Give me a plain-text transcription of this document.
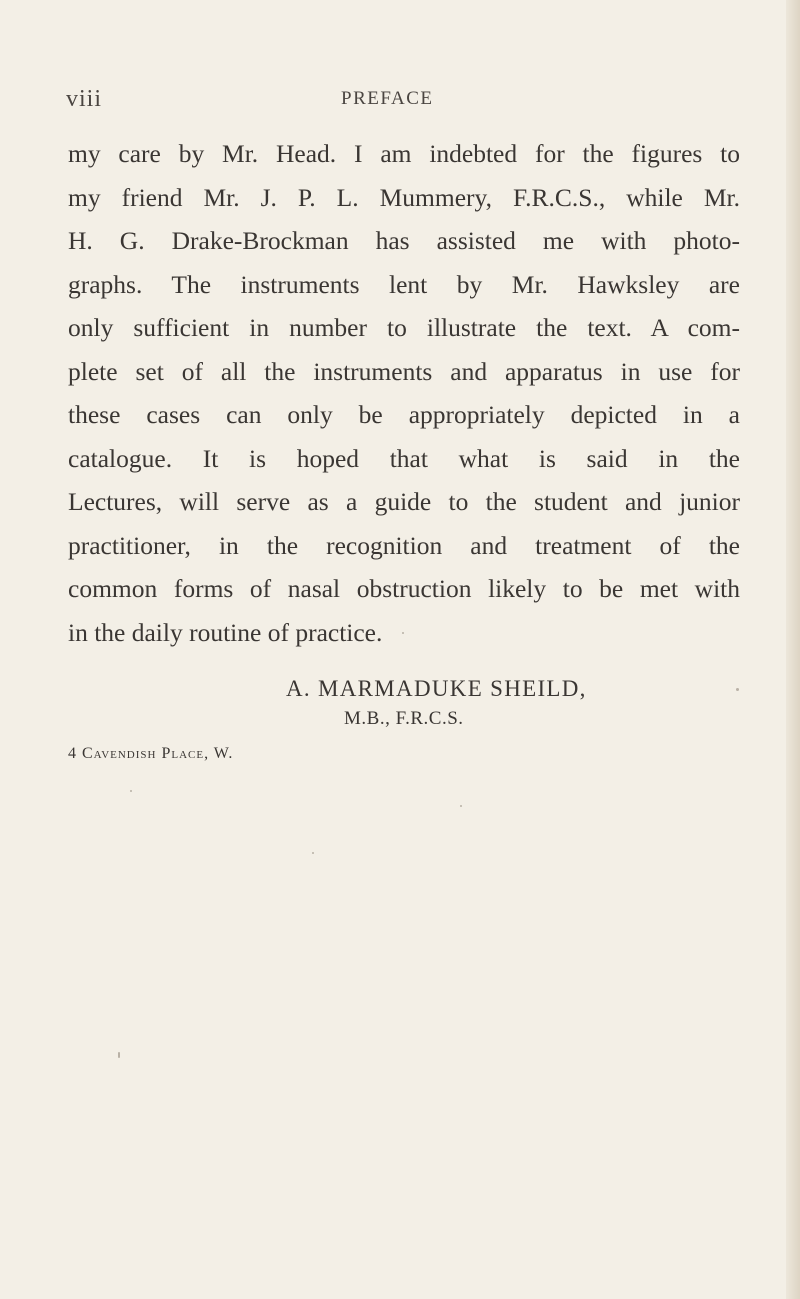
viii	PREFACE

my care by Mr. Head. I am indebted for the figures to
my friend Mr. J. P. L. Mummery, F.R.C.S., while Mr.
H. G. Drake-Brockman has assisted me with photo-
graphs. The instruments lent by Mr. Hawksley are
only sufficient in number to illustrate the text. A com-
plete set of all the instruments and apparatus in use for
these cases can only be appropriately depicted in a
catalogue. It is hoped that what is said in the
Lectures, will serve as a guide to the student and junior
practitioner, in the recognition and treatment of the
common forms of nasal obstruction likely to be met with
in the daily routine of practice.

A. MARMADUKE SHEILD,
M.B., F.R.C.S.
4 Cavendish Place, W.
